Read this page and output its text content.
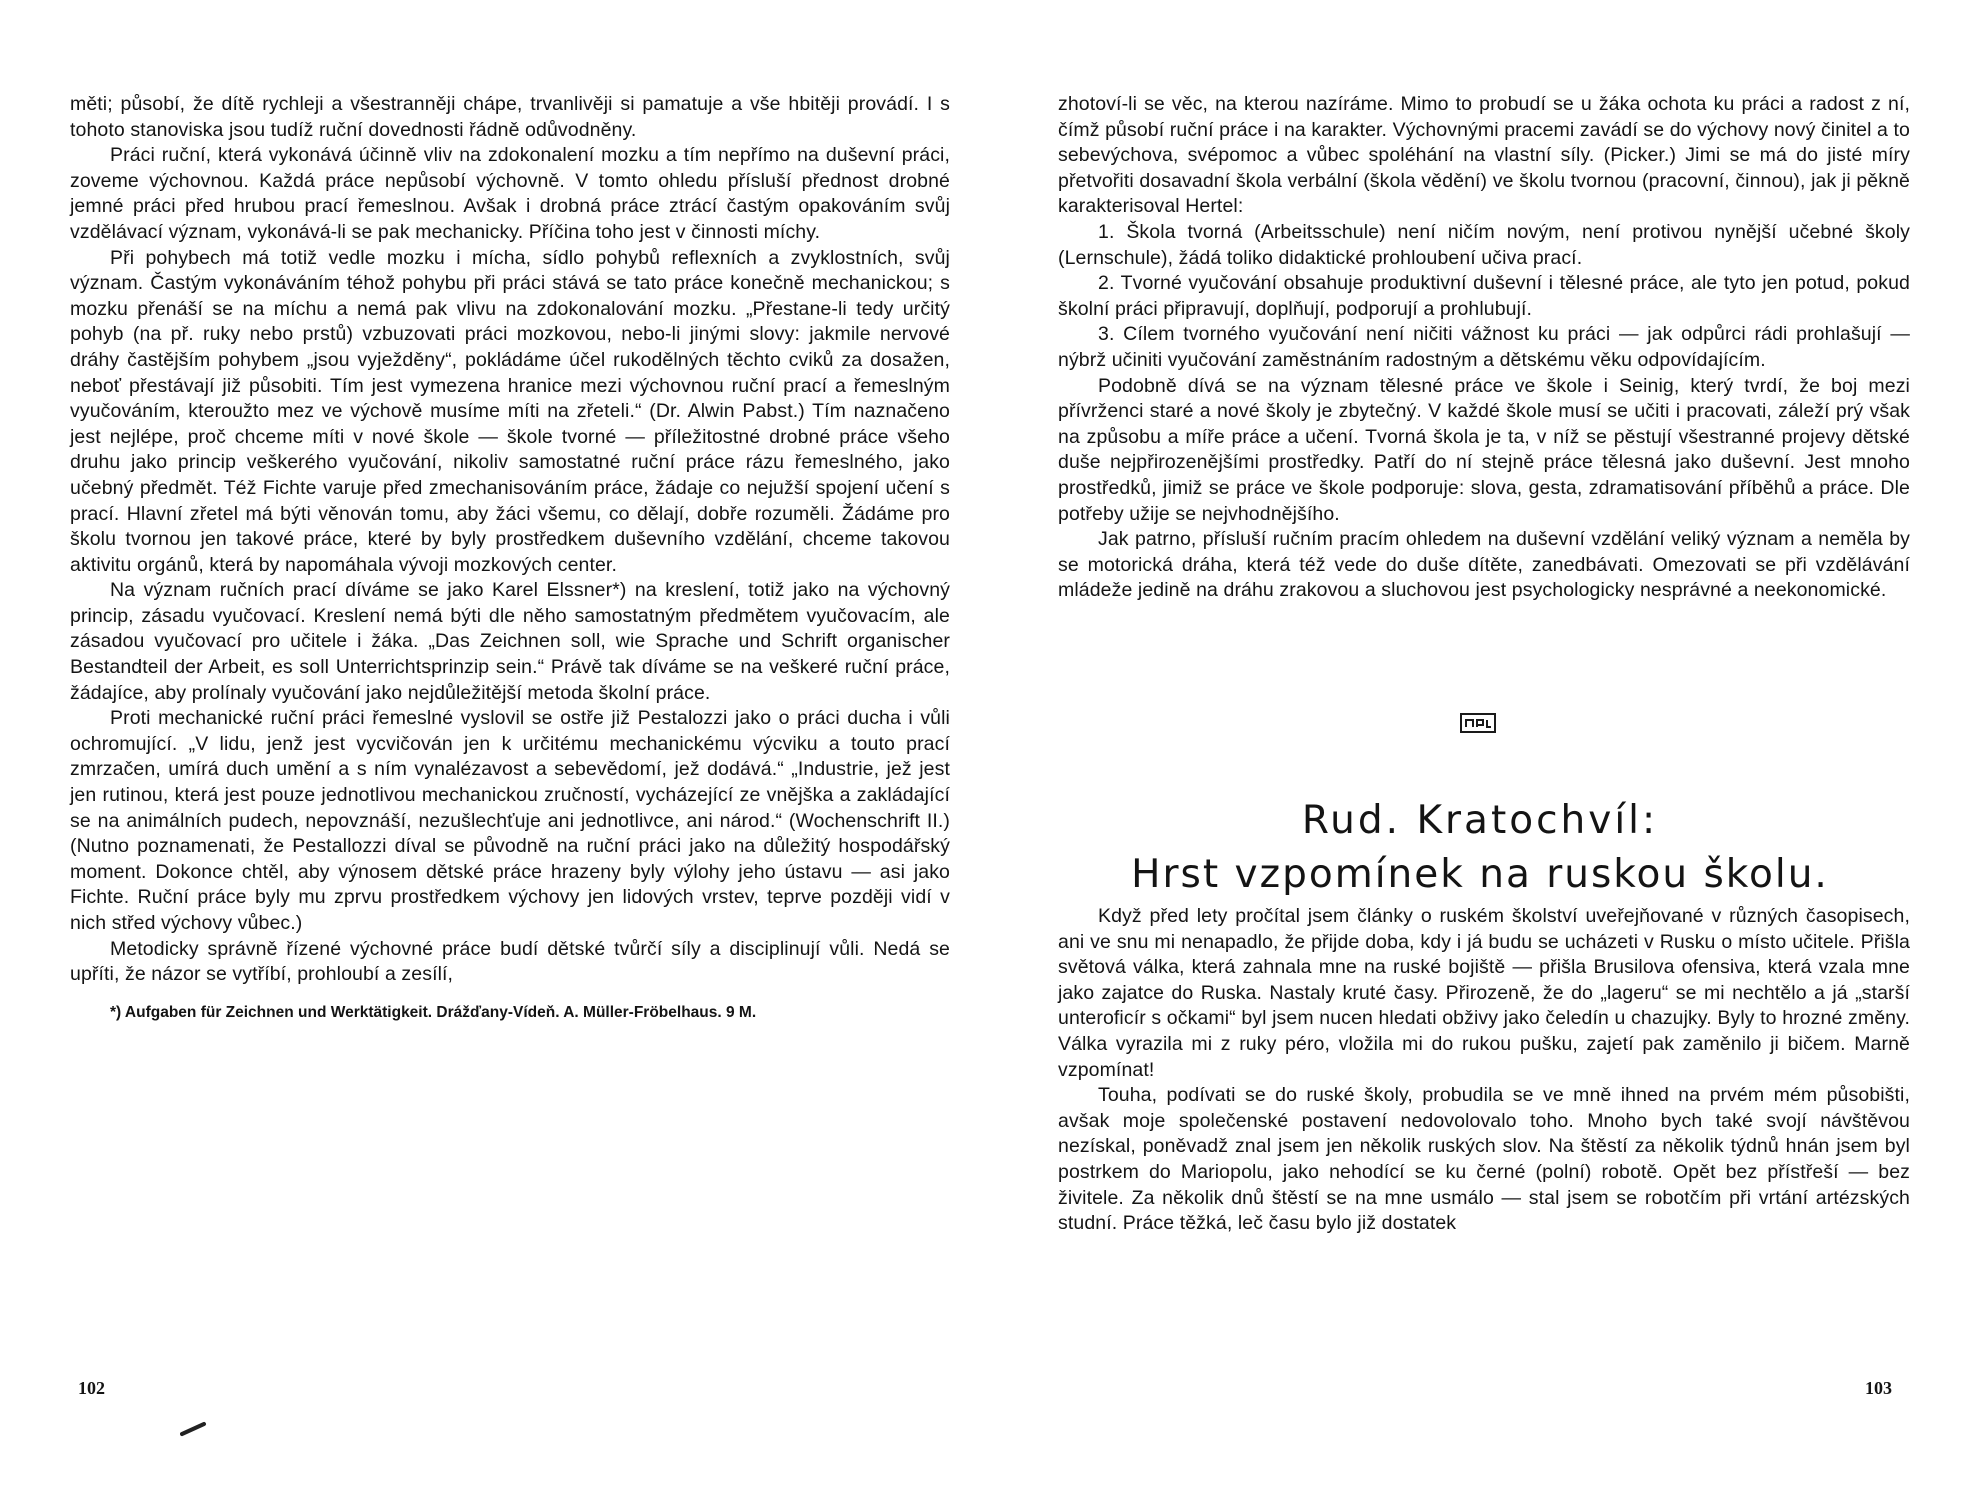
měti; působí, že dítě rychleji a všestranněji chápe, trvanlivěji si pamatuje a vše hbitěji provádí. I s tohoto stanoviska jsou tudíž ruční dovednosti řádně odůvodněny.

Práci ruční, která vykonává účinně vliv na zdokonalení mozku a tím nepřímo na duševní práci, zoveme výchovnou. Každá práce nepůsobí výchovně. V tomto ohledu přísluší přednost drobné jemné práci před hrubou prací řemeslnou. Avšak i drobná práce ztrácí častým opakováním svůj vzdělávací význam, vykonává-li se pak mechanicky. Příčina toho jest v činnosti míchy.

Při pohybech má totiž vedle mozku i mícha, sídlo pohybů reflexních a zvyklostních, svůj význam. Častým vykonáváním téhož pohybu při práci stává se tato práce konečně mechanickou; s mozku přenáší se na míchu a nemá pak vlivu na zdokonalování mozku. „Přestane-li tedy určitý pohyb (na př. ruky nebo prstů) vzbuzovati práci mozkovou, nebo-li jinými slovy: jakmile nervové dráhy častějším pohybem „jsou vyježděny“, pokládáme účel rukodělných těchto cviků za dosažen, neboť přestávají již působiti. Tím jest vymezena hranice mezi výchovnou ruční prací a řemeslným vyučováním, kteroužto mez ve výchově musíme míti na zřeteli.“ (Dr. Alwin Pabst.) Tím naznačeno jest nejlépe, proč chceme míti v nové škole — škole tvorné — příležitostné drobné práce všeho druhu jako princip veškerého vyučování, nikoliv samostatné ruční práce rázu řemeslného, jako učebný předmět. Též Fichte varuje před zmechanisováním práce, žádaje co nejužší spojení učení s prací. Hlavní zřetel má býti věnován tomu, aby žáci všemu, co dělají, dobře rozuměli. Žádáme pro školu tvornou jen takové práce, které by byly prostředkem duševního vzdělání, chceme takovou aktivitu orgánů, která by napomáhala vývoji mozkových center.

Na význam ručních prací díváme se jako Karel Elssner*) na kreslení, totiž jako na výchovný princip, zásadu vyučovací. Kreslení nemá býti dle něho samostatným předmětem vyučovacím, ale zásadou vyučovací pro učitele i žáka. „Das Zeichnen soll, wie Sprache und Schrift organischer Bestandteil der Arbeit, es soll Unterrichtsprinzip sein.“ Právě tak díváme se na veškeré ruční práce, žádajíce, aby prolínaly vyučování jako nejdůležitější metoda školní práce.

Proti mechanické ruční práci řemeslné vyslovil se ostře již Pestalozzi jako o práci ducha i vůli ochromující. „V lidu, jenž jest vycvičován jen k určitému mechanickému výcviku a touto prací zmrzačen, umírá duch umění a s ním vynalézavost a sebevědomí, jež dodává.“ „Industrie, jež jest jen rutinou, která jest pouze jednotlivou mechanickou zručností, vycházející ze vnějška a zakládající se na animálních pudech, nepovznáší, nezušlechťuje ani jednotlivce, ani národ.“ (Wochenschrift II.) (Nutno poznamenati, že Pestallozzi díval se původně na ruční práci jako na důležitý hospodářský moment. Dokonce chtěl, aby výnosem dětské práce hrazeny byly výlohy jeho ústavu — asi jako Fichte. Ruční práce byly mu zprvu prostředkem výchovy jen lidových vrstev, teprve později vidí v nich střed výchovy vůbec.)

Metodicky správně řízené výchovné práce budí dětské tvůrčí síly a disciplinují vůli. Nedá se upříti, že názor se vytříbí, prohloubí a zesílí,

*) Aufgaben für Zeichnen und Werktätigkeit. Drážďany-Vídeň. A. Müller-Fröbelhaus. 9 M.
102

zhotoví-li se věc, na kterou nazíráme. Mimo to probudí se u žáka ochota ku práci a radost z ní, čímž působí ruční práce i na karakter. Výchovnými pracemi zavádí se do výchovy nový činitel a to sebevýchova, svépomoc a vůbec spoléhání na vlastní síly. (Picker.) Jimi se má do jisté míry přetvořiti dosavadní škola verbální (škola vědění) ve školu tvornou (pracovní, činnou), jak ji pěkně karakterisoval Hertel:

1. Škola tvorná (Arbeitsschule) není ničím novým, není protivou nynější učebné školy (Lernschule), žádá toliko didaktické prohloubení učiva prací.

2. Tvorné vyučování obsahuje produktivní duševní i tělesné práce, ale tyto jen potud, pokud školní práci připravují, doplňují, podporují a prohlubují.

3. Cílem tvorného vyučování není ničiti vážnost ku práci — jak odpůrci rádi prohlašují — nýbrž učiniti vyučování zaměstnáním radostným a dětskému věku odpovídajícím.

Podobně dívá se na význam tělesné práce ve škole i Seinig, který tvrdí, že boj mezi přívrženci staré a nové školy je zbytečný. V každé škole musí se učiti i pracovati, záleží prý však na způsobu a míře práce a učení. Tvorná škola je ta, v níž se pěstují všestranné projevy dětské duše nejpřirozenějšími prostředky. Patří do ní stejně práce tělesná jako duševní. Jest mnoho prostředků, jimiž se práce ve škole podporuje: slova, gesta, zdramatisování příběhů a práce. Dle potřeby užije se nejvhodnějšího.

Jak patrno, přísluší ručním pracím ohledem na duševní vzdělání veliký význam a neměla by se motorická dráha, která též vede do duše dítěte, zanedbávati. Omezovati se při vzdělávání mládeže jedině na dráhu zrakovou a sluchovou jest psychologicky nesprávné a neekonomické.

Rud. Kratochvíl:
Hrst vzpomínek na ruskou školu.

Když před lety pročítal jsem články o ruském školství uveřejňované v různých časopisech, ani ve snu mi nenapadlo, že přijde doba, kdy i já budu se ucházeti v Rusku o místo učitele. Přišla světová válka, která zahnala mne na ruské bojiště — přišla Brusilova ofensiva, která vzala mne jako zajatce do Ruska. Nastaly kruté časy. Přirozeně, že do „lageru“ se mi nechtělo a já „starší unteroficír s očkami“ byl jsem nucen hledati obživy jako čeledín u chazujky. Byly to hrozné změny. Válka vyrazila mi z ruky péro, vložila mi do rukou pušku, zajetí pak zaměnilo ji bičem. Marně vzpomínat!

Touha, podívati se do ruské školy, probudila se ve mně ihned na prvém mém působišti, avšak moje společenské postavení nedovolovalo toho. Mnoho bych také svojí návštěvou nezískal, poněvadž znal jsem jen několik ruských slov. Na štěstí za několik týdnů hnán jsem byl postrkem do Mariopolu, jako nehodící se ku černé (polní) robotě. Opět bez přístřeší — bez živitele. Za několik dnů štěstí se na mne usmálo — stal jsem se robotčím při vrtání artézských studní. Práce těžká, leč času bylo již dostatek

103
